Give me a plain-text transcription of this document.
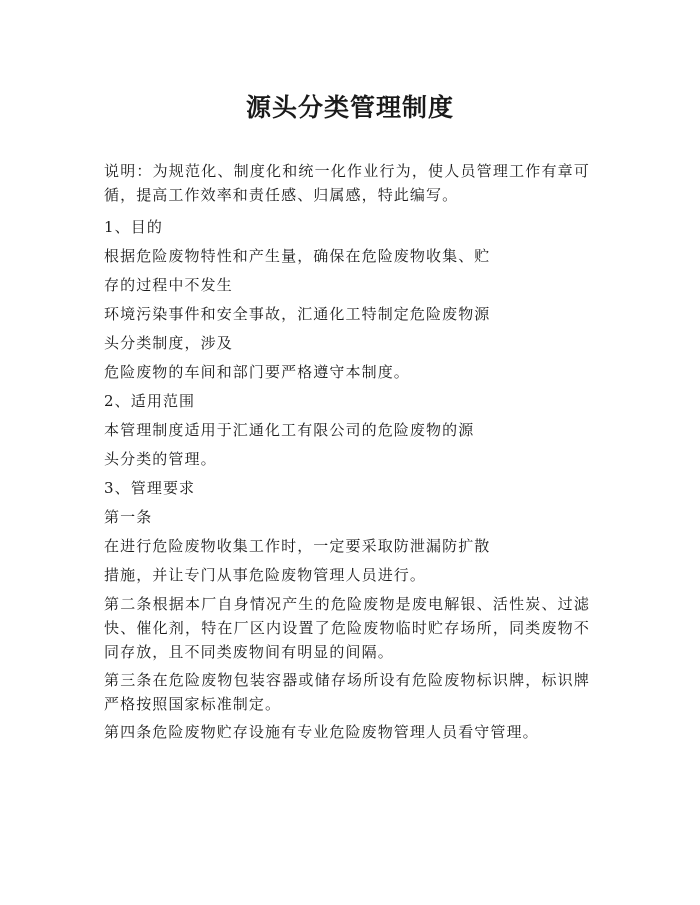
源头分类管理制度

说明：为规范化、制度化和统一化作业行为，使人员管理工作有章可循，提高工作效率和责任感、归属感，特此编写。

1、目的

根据危险废物特性和产生量，确保在危险废物收集、贮

存的过程中不发生

环境污染事件和安全事故，汇通化工特制定危险废物源

头分类制度，涉及

危险废物的车间和部门要严格遵守本制度。

2、适用范围

本管理制度适用于汇通化工有限公司的危险废物的源

头分类的管理。

3、管理要求

第一条

在进行危险废物收集工作时，一定要采取防泄漏防扩散

措施，并让专门从事危险废物管理人员进行。

第二条根据本厂自身情况产生的危险废物是废电解银、活性炭、过滤快、催化剂，特在厂区内设置了危险废物临时贮存场所，同类废物不同存放，且不同类废物间有明显的间隔。

第三条在危险废物包装容器或储存场所设有危险废物标识牌，标识牌严格按照国家标准制定。

第四条危险废物贮存设施有专业危险废物管理人员看守管理。
